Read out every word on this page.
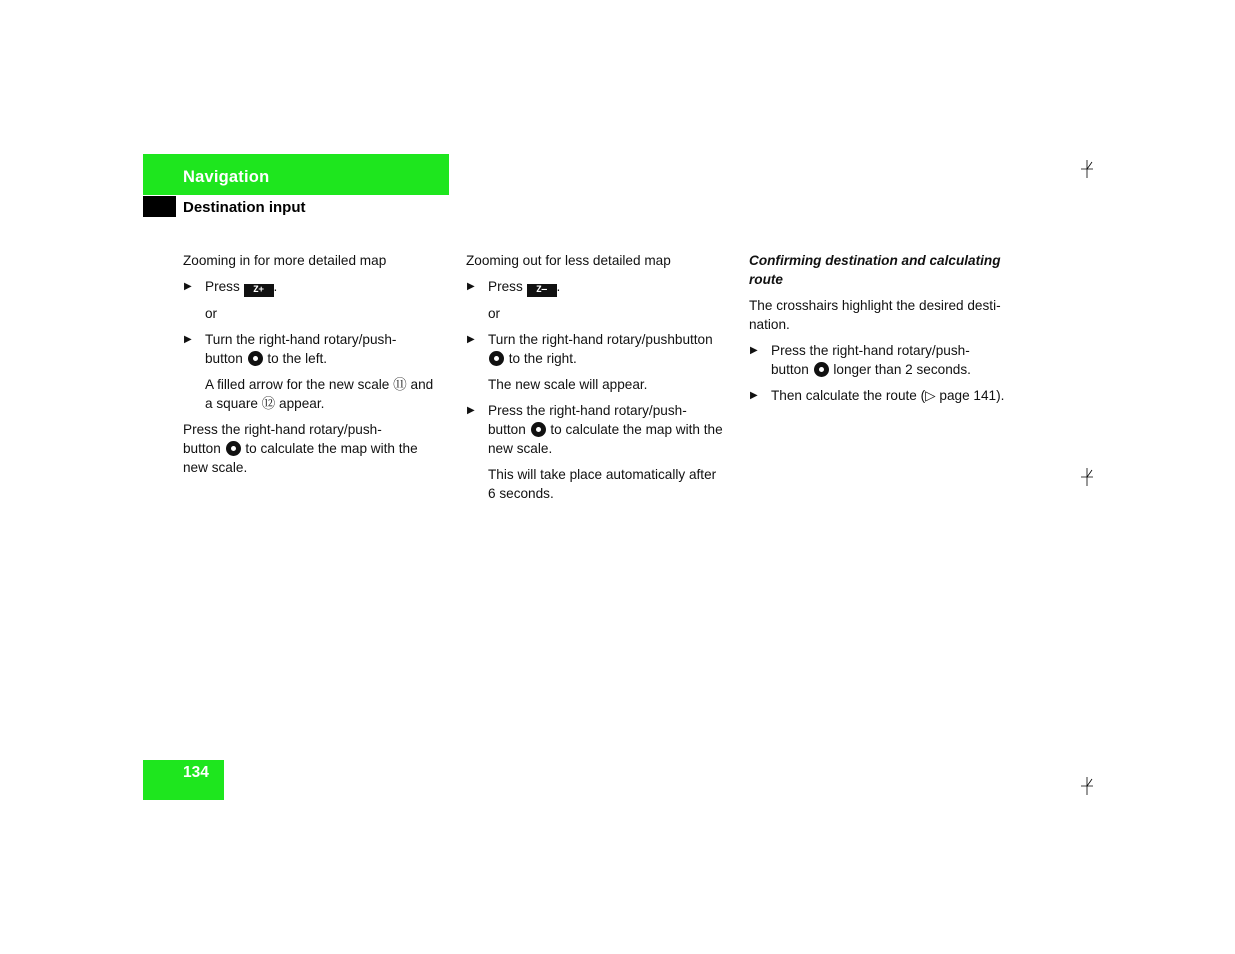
Navigation
Destination input

Zooming in for more detailed map

▶ Press Z+ .

or

▶ Turn the right-hand rotary/push-
button to the left.

A filled arrow for the new scale ⑪ and
a square ⑫ appear.

Press the right-hand rotary/push-
button to calculate the map with the
new scale.

Zooming out for less detailed map

▶ Press Z– .

or

▶ Turn the right-hand rotary/pushbutton
to the right.

The new scale will appear.

▶ Press the right-hand rotary/push-
button to calculate the map with the
new scale.

This will take place automatically after
6 seconds.

Confirming destination and calculating
route

The crosshairs highlight the desired desti-
nation.

▶ Press the right-hand rotary/push-
button longer than 2 seconds.

▶ Then calculate the route (▷ page 141).

134
